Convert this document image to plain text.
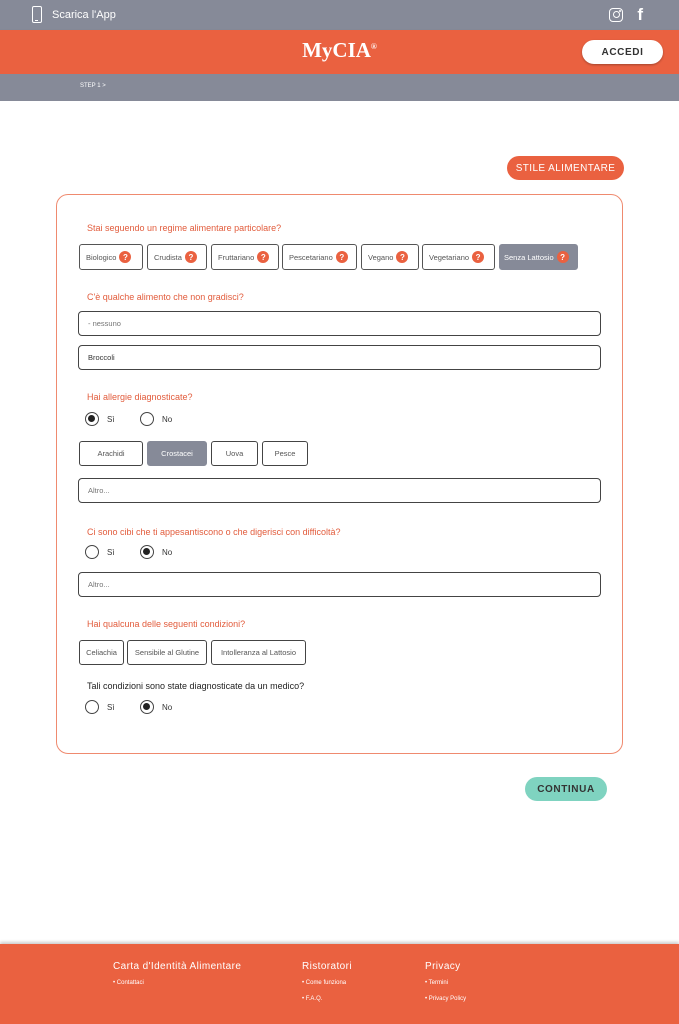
Scarica l'App	f
MyCIA®	ACCEDI
STEP 1 >
STILE ALIMENTARE
Stai seguendo un regime alimentare particolare?
Biologico ?	Crudista ?	Fruttariano ?	Pescetariano ?	Vegano ?	Vegetariano ?	Senza Lattosio ?
C'è qualche alimento che non gradisci?
- nessuno
Broccoli
Hai allergie diagnosticate?
Sì	No
Arachidi	Crostacei	Uova	Pesce
Altro...
Ci sono cibi che ti appesantiscono o che digerisci con difficoltà?
Sì	No
Altro...
Hai qualcuna delle seguenti condizioni?
Celiachia	Sensibile al Glutine	Intolleranza al Lattosio
Tali condizioni sono state diagnosticate da un medico?
Sì	No
CONTINUA
Carta d'Identità Alimentare
• Contattaci
Ristoratori
• Come funziona
• F.A.Q.
Privacy
• Termini
• Privacy Policy
